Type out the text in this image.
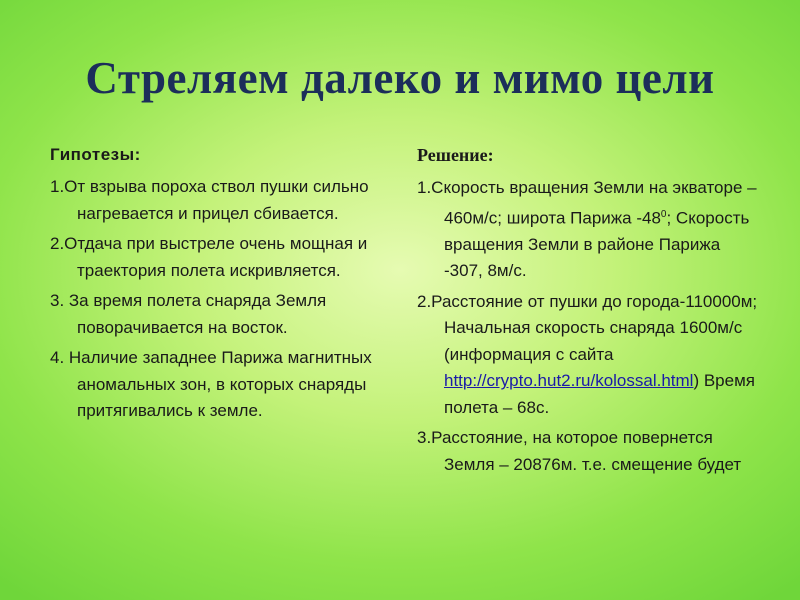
Стреляем далеко и мимо цели
Гипотезы:
1.От взрыва пороха ствол пушки сильно нагревается и прицел сбивается.
2.Отдача при выстреле очень мощная и траектория полета искривляется.
3. За время полета снаряда Земля поворачивается на восток.
4. Наличие западнее Парижа магнитных аномальных зон, в которых снаряды притягивались к земле.
Решение:
1.Скорость вращения Земли на экваторе – 460м/с; широта Парижа $-48^0$; Скорость вращения Земли в районе Парижа -307, 8м/с.
2.Расстояние от пушки до города-110000м; Начальная скорость снаряда 1600м/с (информация с сайта http://crypto.hut2.ru/kolossal.html) Время полета – 68с.
3.Расстояние, на которое повернется Земля – 20876м. т.е. смещение будет
